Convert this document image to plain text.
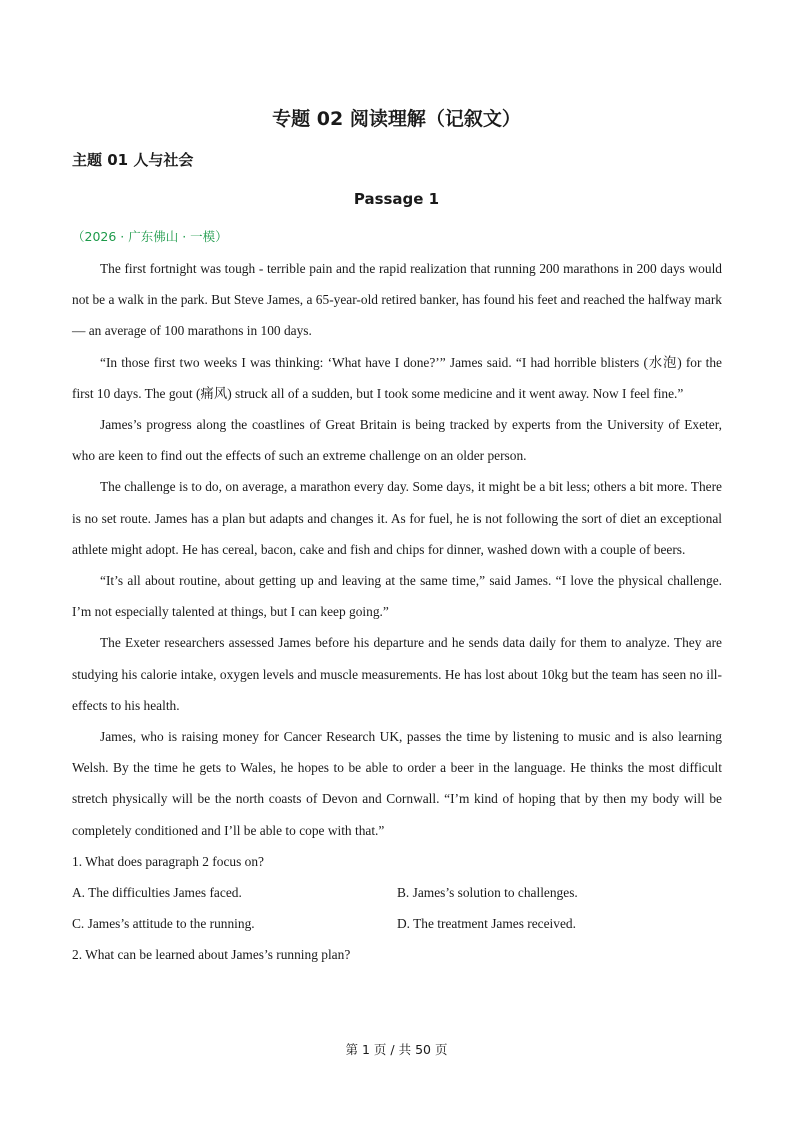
专题 02 阅读理解（记叙文）
主题 01 人与社会
Passage 1
（2026 · 广东佛山 · 一模）

The first fortnight was tough - terrible pain and the rapid realization that running 200 marathons in 200 days would not be a walk in the park. But Steve James, a 65-year-old retired banker, has found his feet and reached the halfway mark — an average of 100 marathons in 100 days.

“In those first two weeks I was thinking: ‘What have I done?’” James said. “I had horrible blisters (水泡) for the first 10 days. The gout (痛风) struck all of a sudden, but I took some medicine and it went away. Now I feel fine.”

James’s progress along the coastlines of Great Britain is being tracked by experts from the University of Exeter, who are keen to find out the effects of such an extreme challenge on an older person.

The challenge is to do, on average, a marathon every day. Some days, it might be a bit less; others a bit more. There is no set route. James has a plan but adapts and changes it. As for fuel, he is not following the sort of diet an exceptional athlete might adopt. He has cereal, bacon, cake and fish and chips for dinner, washed down with a couple of beers.

“It’s all about routine, about getting up and leaving at the same time,” said James. “I love the physical challenge. I’m not especially talented at things, but I can keep going.”

The Exeter researchers assessed James before his departure and he sends data daily for them to analyze. They are studying his calorie intake, oxygen levels and muscle measurements. He has lost about 10kg but the team has seen no ill-effects to his health.

James, who is raising money for Cancer Research UK, passes the time by listening to music and is also learning Welsh. By the time he gets to Wales, he hopes to be able to order a beer in the language. He thinks the most difficult stretch physically will be the north coasts of Devon and Cornwall. “I’m kind of hoping that by then my body will be completely conditioned and I’ll be able to cope with that.”

1. What does paragraph 2 focus on?
A. The difficulties James faced.	B. James’s solution to challenges.
C. James’s attitude to the running.	D. The treatment James received.
2. What can be learned about James’s running plan?
第 1 页 / 共 50 页
